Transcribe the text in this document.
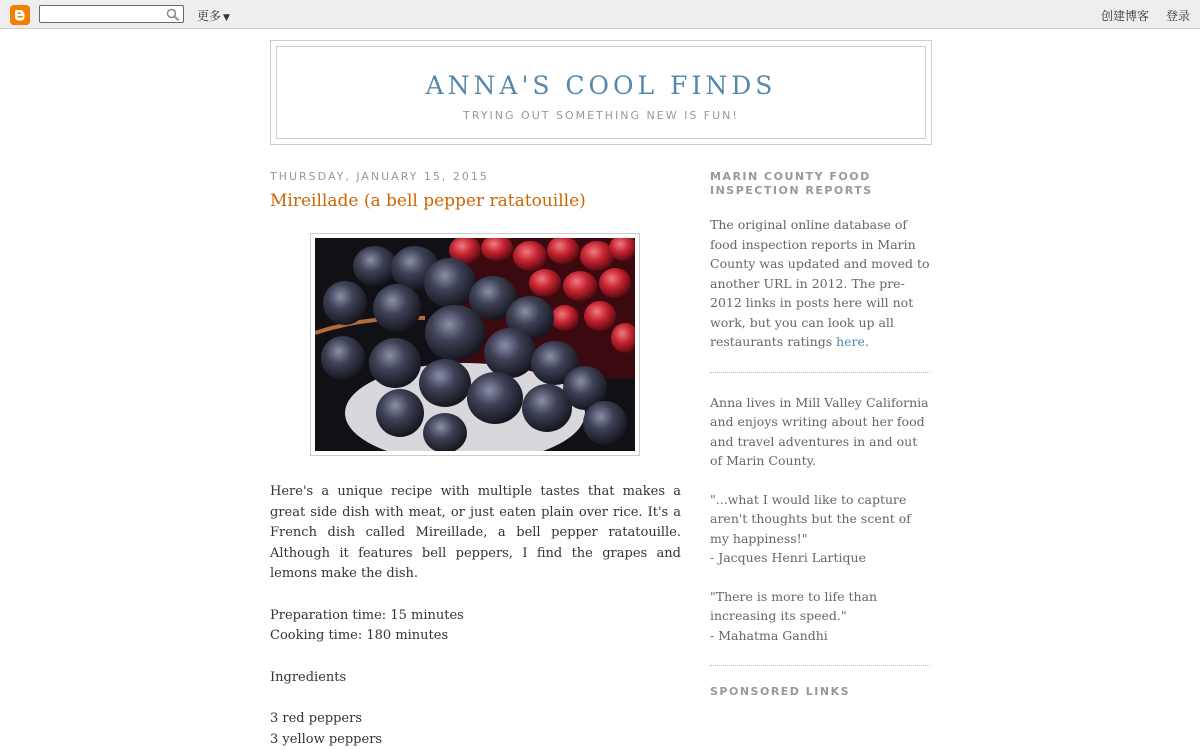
更多 ▼	创建博客 登录
ANNA'S COOL FINDS
TRYING OUT SOMETHING NEW IS FUN!
THURSDAY, JANUARY 15, 2015
Mireillade (a bell pepper ratatouille)

Here's a unique recipe with multiple tastes that makes a great side dish with meat, or just eaten plain over rice. It's a French dish called Mireillade, a bell pepper ratatouille. Although it features bell peppers, I find the grapes and lemons make the dish.

Preparation time: 15 minutes

Cooking time: 180 minutes

Ingredients

3 red peppers

3 yellow peppers

MARIN COUNTY FOOD INSPECTION REPORTS

The original online database of food inspection reports in Marin County was updated and moved to another URL in 2012. The pre-2012 links in posts here will not work, but you can look up all restaurants ratings here.

Anna lives in Mill Valley California and enjoys writing about her food and travel adventures in and out of Marin County.

"...what I would like to capture aren't thoughts but the scent of my happiness!"

- Jacques Henri Lartique

"There is more to life than increasing its speed."

- Mahatma Gandhi

SPONSORED LINKS
